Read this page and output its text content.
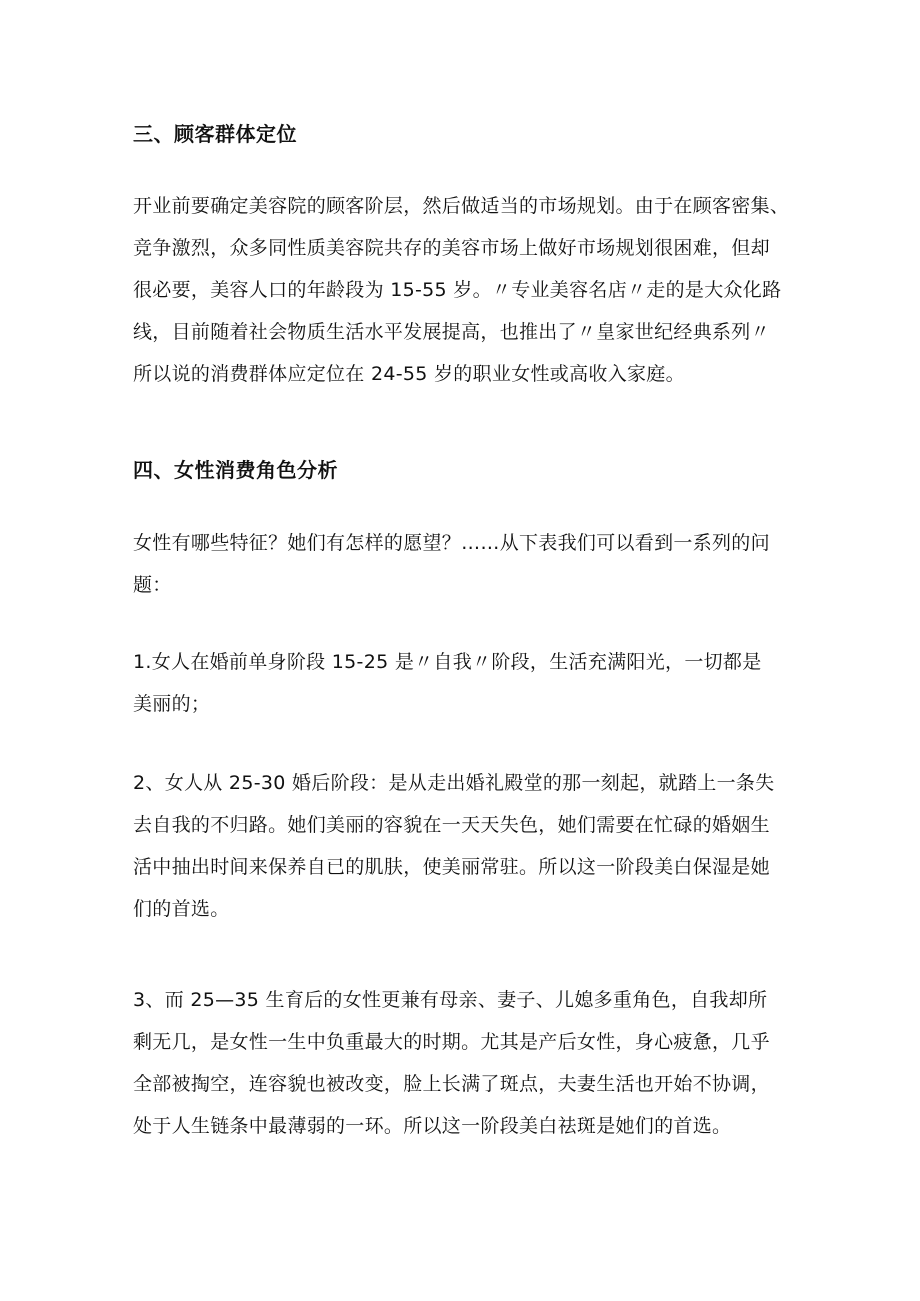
三、顾客群体定位
开业前要确定美容院的顾客阶层，然后做适当的市场规划。由于在顾客密集、
竞争激烈，众多同性质美容院共存的美容市场上做好市场规划很困难，但却
很必要，美容人口的年龄段为 15-55 岁。〃专业美容名店〃走的是大众化路
线，目前随着社会物质生活水平发展提高，也推出了〃皇家世纪经典系列〃
所以说的消费群体应定位在 24-55 岁的职业女性或高收入家庭。
四、女性消费角色分析
女性有哪些特征？她们有怎样的愿望？……从下表我们可以看到一系列的问
题：
1.女人在婚前单身阶段 15-25 是〃自我〃阶段，生活充满阳光，一切都是
美丽的；
2、女人从 25-30 婚后阶段：是从走出婚礼殿堂的那一刻起，就踏上一条失
去自我的不归路。她们美丽的容貌在一天天失色，她们需要在忙碌的婚姻生
活中抽出时间来保养自已的肌肤，使美丽常驻。所以这一阶段美白保湿是她
们的首选。
3、而 25—35 生育后的女性更兼有母亲、妻子、儿媳多重角色，自我却所
剩无几，是女性一生中负重最大的时期。尤其是产后女性，身心疲惫，几乎
全部被掏空，连容貌也被改变，脸上长满了斑点，夫妻生活也开始不协调，
处于人生链条中最薄弱的一环。所以这一阶段美白祛斑是她们的首选。
